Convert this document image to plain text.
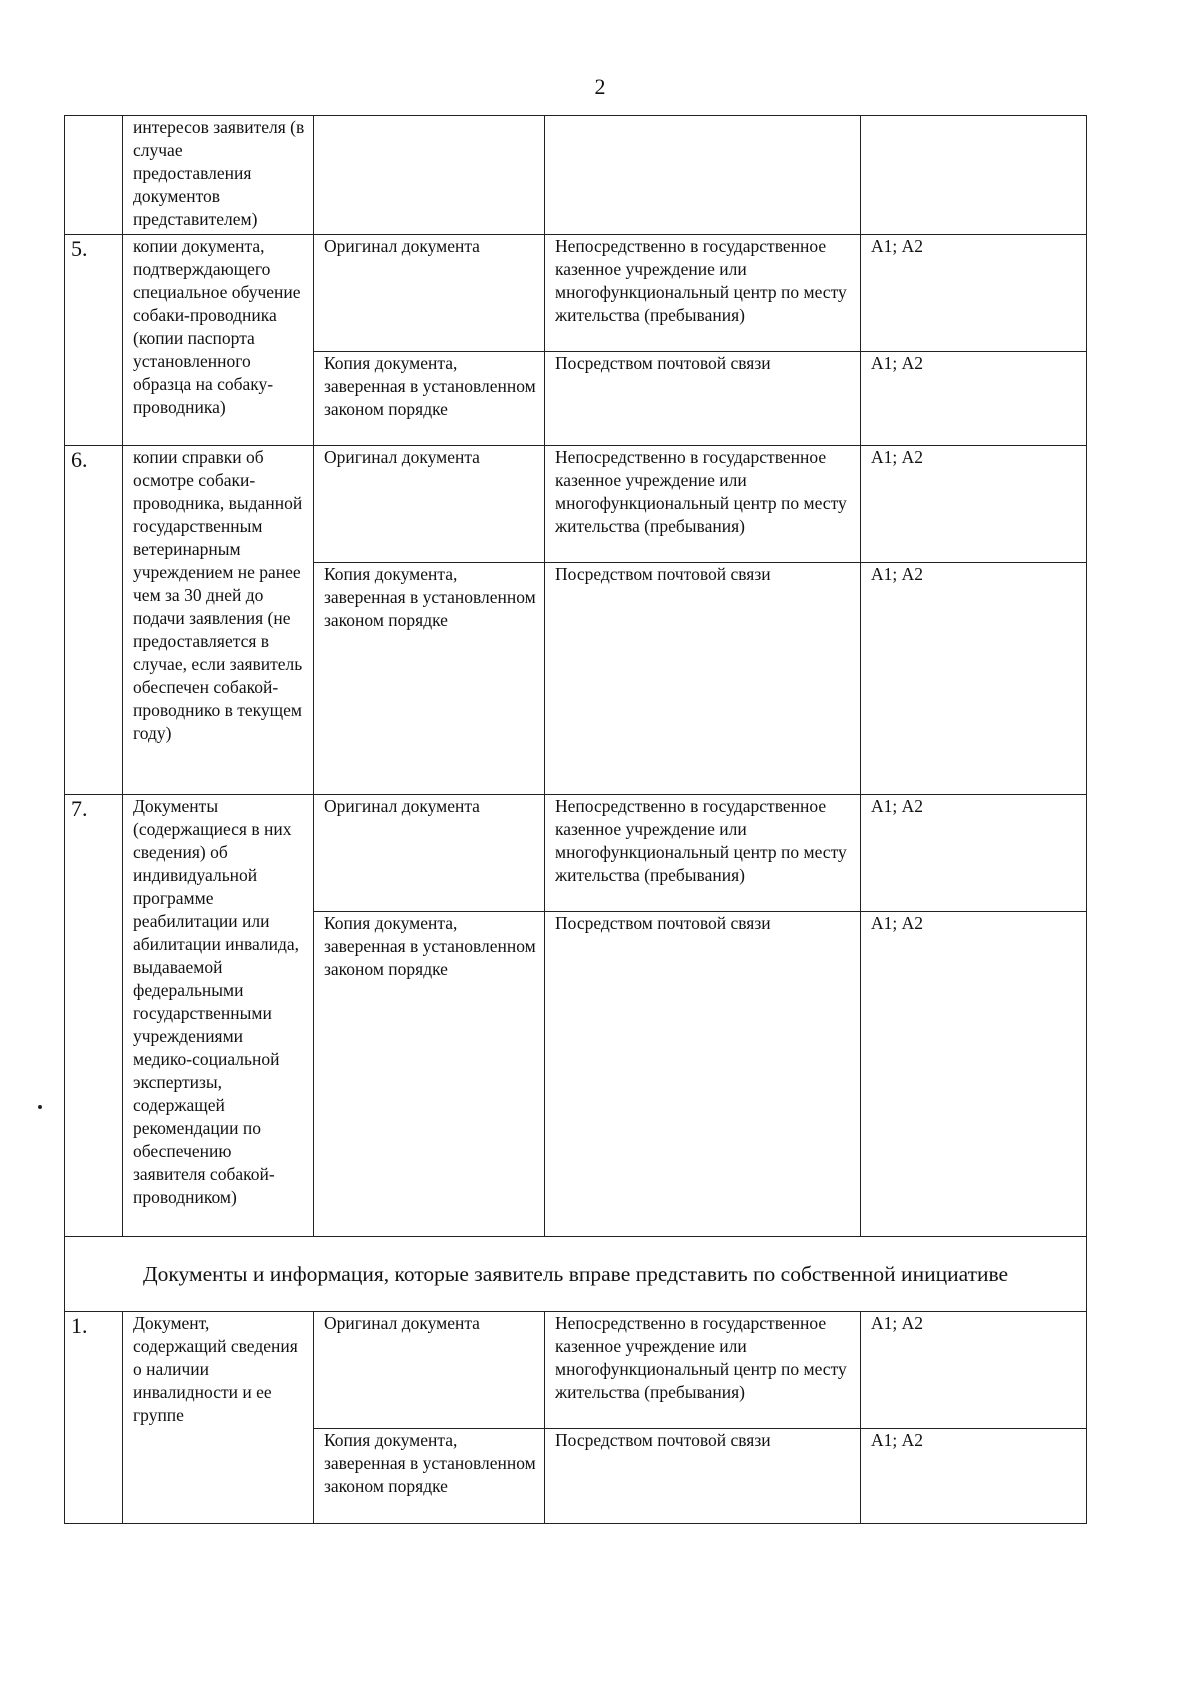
2
	интересов заявителя (в случае предоставления документов представителем)			
5.	копии документа, подтверждающего специальное обучение собаки-проводника (копии паспорта установленного образца на собаку-проводника)	Оригинал документа	Непосредственно в государственное казенное учреждение или многофункциональный центр по месту жительства (пребывания)	А1; А2
		Копия документа, заверенная в установленном законом порядке	Посредством почтовой связи	А1; А2
6.	копии справки об осмотре собаки-проводника, выданной государственным ветеринарным учреждением не ранее чем за 30 дней до подачи заявления (не предоставляется в случае, если заявитель обеспечен собакой-проводнико в текущем году)	Оригинал документа	Непосредственно в государственное казенное учреждение или многофункциональный центр по месту жительства (пребывания)	А1; А2
		Копия документа, заверенная в установленном законом порядке	Посредством почтовой связи	А1; А2
7.	Документы (содержащиеся в них сведения) об индивидуальной программе реабилитации или абилитации инвалида, выдаваемой федеральными государственными учреждениями медико-социальной экспертизы, содержащей рекомендации по обеспечению заявителя собакой-проводником)	Оригинал документа	Непосредственно в государственное казенное учреждение или многофункциональный центр по месту жительства (пребывания)	А1; А2
		Копия документа, заверенная в установленном законом порядке	Посредством почтовой связи	А1; А2
Документы и информация, которые заявитель вправе представить по собственной инициативе				
1.	Документ, содержащий сведения о наличии инвалидности и ее группе	Оригинал документа	Непосредственно в государственное казенное учреждение или многофункциональный центр по месту жительства (пребывания)	А1; А2
		Копия документа, заверенная в установленном законом порядке	Посредством почтовой связи	А1; А2
